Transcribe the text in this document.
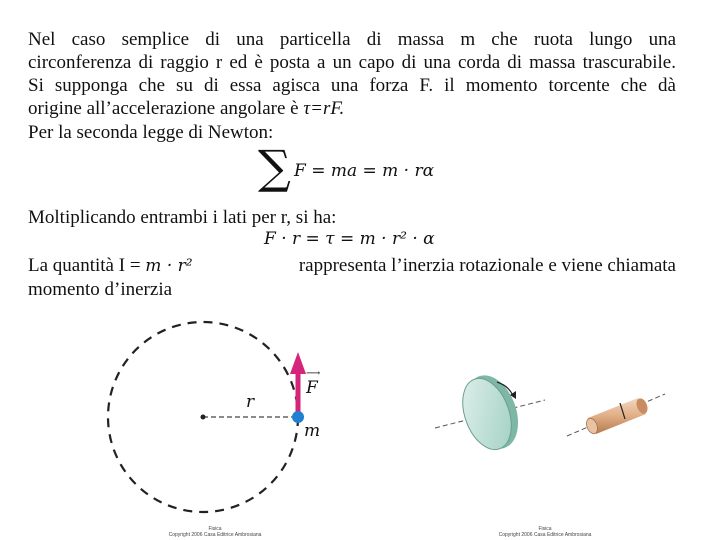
Nel caso semplice di una particella di massa m che ruota lungo una
circonferenza di raggio r ed è posta a un capo di una corda di massa trascurabile.
Si supponga che su di essa agisca una forza F. il momento torcente che dà
origine all’accelerazione angolare è τ=rF.
Per la seconda legge di Newton:
∑ F = ma = m · rα
Moltiplicando entrambi i lati per r, si ha:
F · r = τ = m · r² · α
La quantità I = m · r²	rappresenta l’inerzia rotazionale e viene chiamata
momento d’inerzia
r
⟶
F
m
Fisica
Copyright 2006 Casa Editrice Ambrosiana
Fisica
Copyright 2006 Casa Editrice Ambrosiana
